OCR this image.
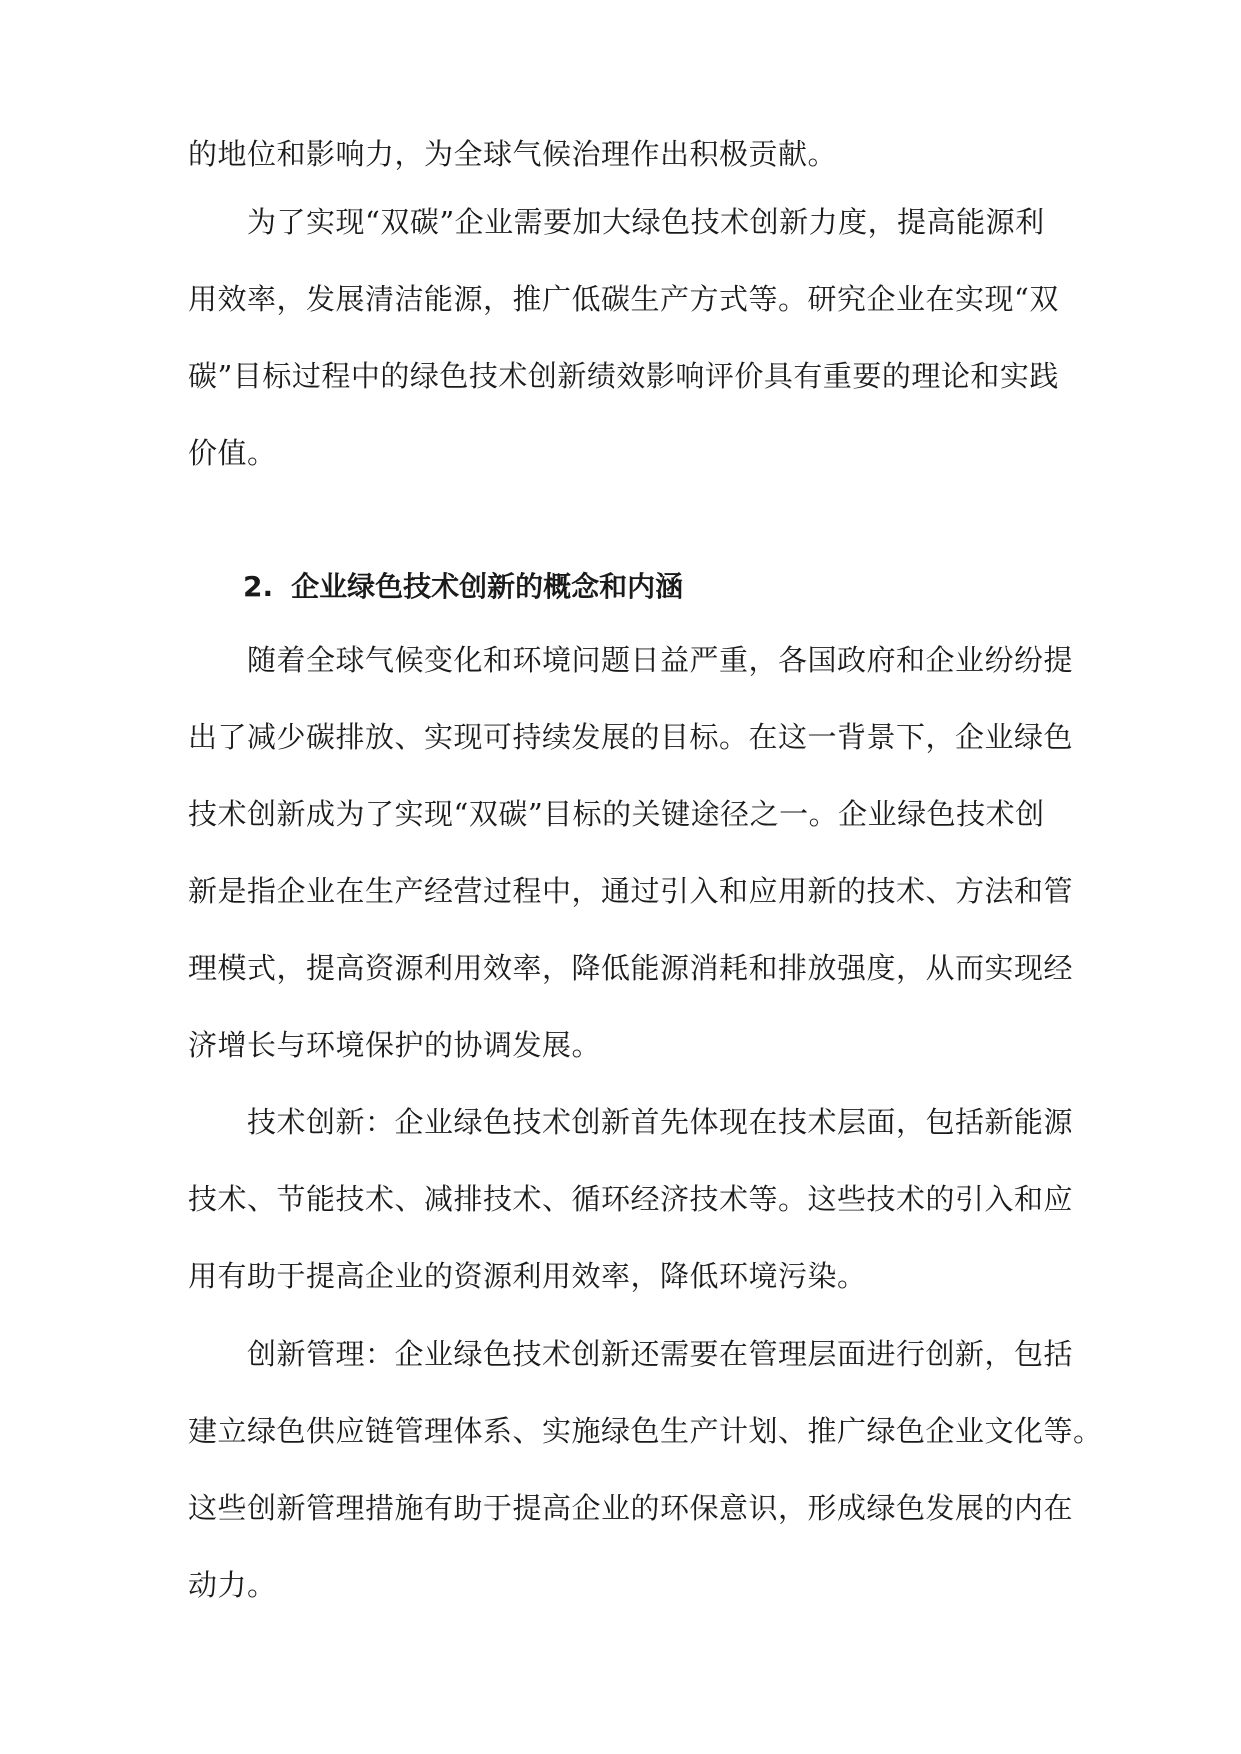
的地位和影响力，为全球气候治理作出积极贡献。
　　为了实现“双碳”企业需要加大绿色技术创新力度，提高能源利
用效率，发展清洁能源，推广低碳生产方式等。研究企业在实现“双
碳”目标过程中的绿色技术创新绩效影响评价具有重要的理论和实践
价值。
2. 企业绿色技术创新的概念和内涵
　　随着全球气候变化和环境问题日益严重，各国政府和企业纷纷提
出了减少碳排放、实现可持续发展的目标。在这一背景下，企业绿色
技术创新成为了实现“双碳”目标的关键途径之一。企业绿色技术创
新是指企业在生产经营过程中，通过引入和应用新的技术、方法和管
理模式，提高资源利用效率，降低能源消耗和排放强度，从而实现经
济增长与环境保护的协调发展。
　　技术创新：企业绿色技术创新首先体现在技术层面，包括新能源
技术、节能技术、减排技术、循环经济技术等。这些技术的引入和应
用有助于提高企业的资源利用效率，降低环境污染。
　　创新管理：企业绿色技术创新还需要在管理层面进行创新，包括
建立绿色供应链管理体系、实施绿色生产计划、推广绿色企业文化等。
这些创新管理措施有助于提高企业的环保意识，形成绿色发展的内在
动力。
